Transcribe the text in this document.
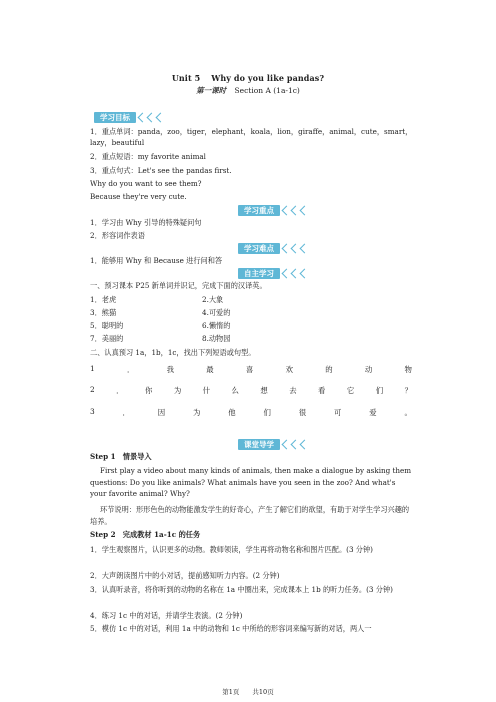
Unit 5　 Why do you like pandas?
第一课时 Section A (1a-1c)
学习目标
1．重点单词：panda，zoo，tiger，elephant，koala，lion，giraffe，animal，cute，smart，
lazy，beautiful
2．重点短语：my favorite animal
3．重点句式：Let's see the pandas first.
Why do you want to see them?
Because they're very cute.
学习重点
1．学习由 Why 引导的特殊疑问句
2．形容词作表语
学习难点
1．能够用 Why 和 Because 进行问和答
自主学习
一、预习课本 P25 新单词并识记，完成下面的汉译英。
1．老虎	2.大象
3．熊猫	4.可爱的
5．聪明的	6.懒惰的
7．美丽的	8.动物园
二、认真预习 1a，1b，1c，找出下列短语或句型。
1	．	我	最	喜	欢	的	动	物
2	．	你	为	什	么	想	去	看	它	们	？
3	．	因	为	他	们	很	可	爱	。
课堂导学
Step 1　情景导入
First play a video about many kinds of animals, then make a dialogue by asking them questions: Do you like animals? What animals have you seen in the zoo? And what's your favorite animal? Why?
环节说明：形形色色的动物能激发学生的好奇心，产生了解它们的欲望，有助于对学生学习兴趣的培养。
Step 2　完成教材 1a-1c 的任务
1．学生观察图片，认识更多的动物。教师领读，学生再将动物名称和图片匹配。(3 分钟)
2．大声朗读图片中的小对话，提前感知听力内容。(2 分钟)
3．认真听录音，将你听到的动物的名称在 1a 中圈出来，完成课本上 1b 的听力任务。(3 分钟)
4．练习 1c 中的对话，并请学生表演。(2 分钟)
5．模仿 1c 中的对话，利用 1a 中的动物和 1c 中所给的形容词来编写新的对话，两人一
第1页　　共10页
